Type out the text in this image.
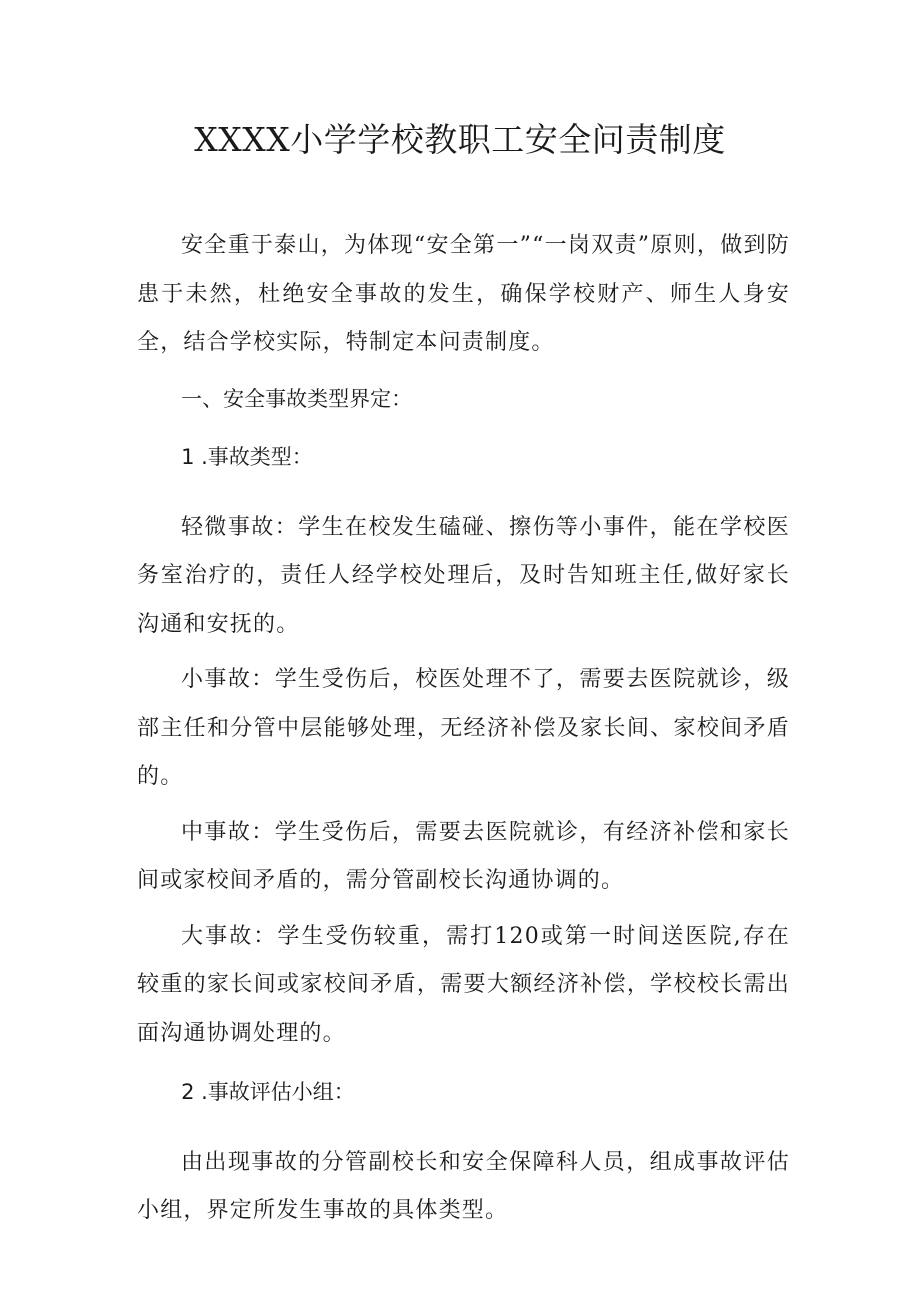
XXXX小学学校教职工安全问责制度

安全重于泰山，为体现“安全第一”“一岗双责”原则，做到防患于未然，杜绝安全事故的发生，确保学校财产、师生人身安全，结合学校实际，特制定本问责制度。

一、安全事故类型界定：

1 .事故类型：

轻微事故：学生在校发生磕碰、擦伤等小事件，能在学校医务室治疗的，责任人经学校处理后，及时告知班主任,做好家长沟通和安抚的。

小事故：学生受伤后，校医处理不了，需要去医院就诊，级部主任和分管中层能够处理，无经济补偿及家长间、家校间矛盾的。

中事故：学生受伤后，需要去医院就诊，有经济补偿和家长间或家校间矛盾的，需分管副校长沟通协调的。

大事故：学生受伤较重，需打120或第一时间送医院,存在较重的家长间或家校间矛盾，需要大额经济补偿，学校校长需出面沟通协调处理的。

2 .事故评估小组：

由出现事故的分管副校长和安全保障科人员，组成事故评估小组，界定所发生事故的具体类型。
